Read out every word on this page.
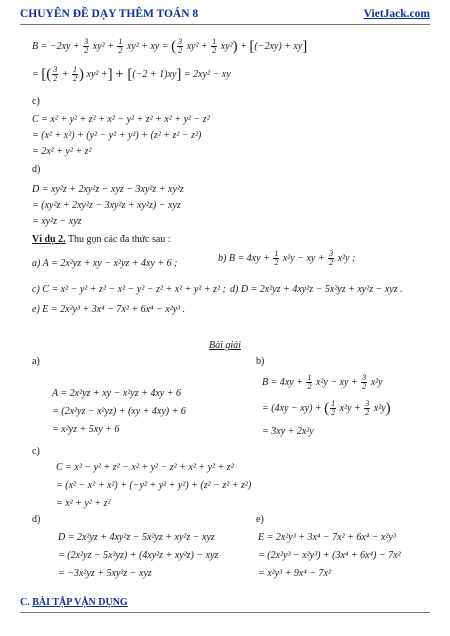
CHUYÊN ĐỀ DẠY THÊM TOÁN 8	VietJack.com
$B = -2xy + \frac{3}{2} xy^2 + \frac{1}{2} xy^2$ + xy = ( $\frac{3}{2} xy^2 + \frac{1}{2} xy^2) + [(-2xy) + xy]$
= [( $\frac{3}{2} + \frac{1}{2}$ ) xy² +] + [(−2 + 1)xy] = 2xy² − xy
c)
C = x² + y² + z² + x² − y² + z² + x² + y² − z²
= (x² + x²) + (y² − y² + y²) + (z² + z² − z²)
= 2x² + y² + z²
d)
D = xy²z + 2xy²z − xyz − 3xy²z + xy²z
= (xy²z + 2xy²z − 3xy²z + xy²z) − xyz
= xy²z − xyz
Ví dụ 2. Thu gọn các đa thức sau :
a) A = 2x²yz + xy − x²yz + 4xy + 6 ;	b) $B = 4xy + \frac{1}{2} x^2y$ − xy + $\frac{3}{2} x^2y$ ;
c) C = x² − y² + z² − x² − y² − z² + x² + y² + z² ; d) D = 2x²yz + 4xy²z − 5x²yz + xy²z − xyz .
e) E = 2x²y³ + 3x⁴ − 7x² + 6x⁴ − x²y³ .
Bài giải
a)	b)
A = 2x²yz + xy − x²yz + 4xy + 6
= (2x²yz − x²yz) + (xy + 4xy) + 6
= x²yz + 5xy + 6
$B = 4xy + \frac{1}{2} x^2y$ − xy + $\frac{3}{2} x^2y$
= (4xy − xy) + ( $\frac{1}{2} x^2y + \frac{3}{2} x^2y$)
= 3xy + 2x²y
c)
C = x² − y² + z² − x² + y² − z² + x² + y² + z²
= (x² − x² + x²) + (−y² + y² + y²) + (z² − z² + z²)
= x² + y² + z²
d)	e)
D = 2x²yz + 4xy²z − 5x²yz + xy²z − xyz
= (2x²yz − 5x²yz) + (4xy²z + xy²z) − xyz
= −3x²yz + 5xy²z − xyz
E = 2x²y³ + 3x⁴ − 7x² + 6x⁴ − x²y³
= (2x²y³ − x²y³) + (3x⁴ + 6x⁴) − 7x²
= x²y³ + 9x⁴ − 7x²
C. BÀI TẬP VẬN DỤNG
